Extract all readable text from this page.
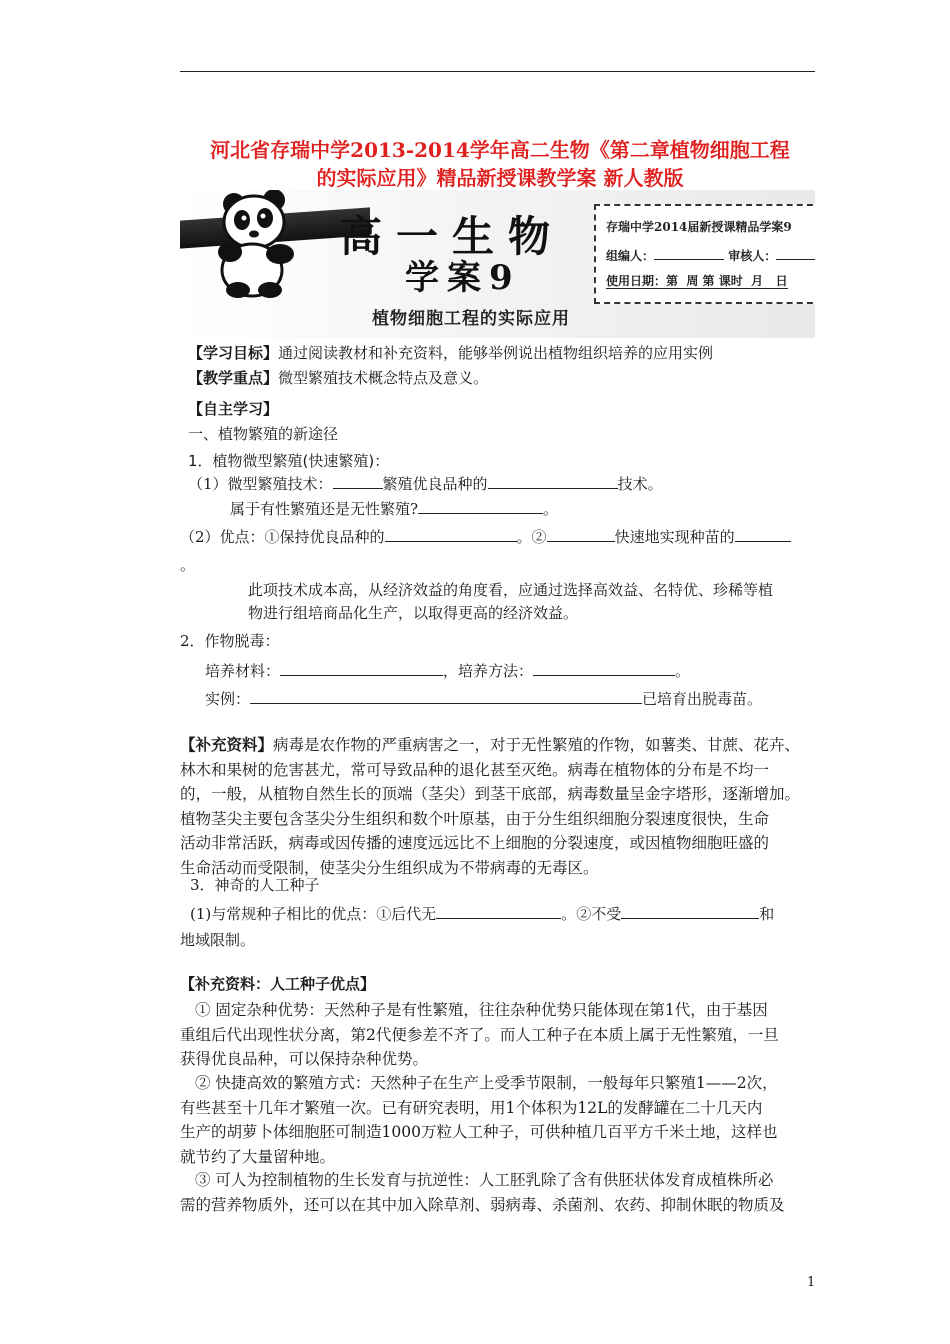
河北省存瑞中学2013-2014学年高二生物《第二章植物细胞工程
的实际应用》精品新授课教学案 新人教版
高一生物
学案9
植物细胞工程的实际应用
存瑞中学2014届新授课精品学案9
组编人：	审核人：
使用日期：第  周 第 课时  月   日
【学习目标】通过阅读教材和补充资料，能够举例说出植物组织培养的应用实例
【教学重点】微型繁殖技术概念特点及意义。
【自主学习】
一、植物繁殖的新途径
1．植物微型繁殖(快速繁殖)：
（1）微型繁殖技术：	繁殖优良品种的	技术。
属于有性繁殖还是无性繁殖?	。
（2）优点：①保持优良品种的	。②	快速地实现种苗的
。
此项技术成本高，从经济效益的角度看，应通过选择高效益、名特优、珍稀等植
物进行组培商品化生产，以取得更高的经济效益。
2．作物脱毒：
培养材料：	，培养方法：	。
实例：	已培育出脱毒苗。
【补充资料】病毒是农作物的严重病害之一，对于无性繁殖的作物，如薯类、甘蔗、花卉、
林木和果树的危害甚尤，常可导致品种的退化甚至灭绝。病毒在植物体的分布是不均一
的，一般，从植物自然生长的顶端（茎尖）到茎干底部，病毒数量呈金字塔形，逐渐增加。
植物茎尖主要包含茎尖分生组织和数个叶原基，由于分生组织细胞分裂速度很快，生命
活动非常活跃，病毒或因传播的速度远远比不上细胞的分裂速度，或因植物细胞旺盛的
生命活动而受限制，使茎尖分生组织成为不带病毒的无毒区。
3．神奇的人工种子
(1)与常规种子相比的优点：①后代无	。②不受	和
地域限制。
【补充资料：人工种子优点】
① 固定杂种优势：天然种子是有性繁殖，往往杂种优势只能体现在第1代，由于基因
重组后代出现性状分离，第2代便参差不齐了。而人工种子在本质上属于无性繁殖，一旦
获得优良品种，可以保持杂种优势。
② 快捷高效的繁殖方式：天然种子在生产上受季节限制，一般每年只繁殖1——2次，
有些甚至十几年才繁殖一次。已有研究表明，用1个体积为12L的发酵罐在二十几天内
生产的胡萝卜体细胞胚可制造1000万粒人工种子，可供种植几百平方千米土地，这样也
就节约了大量留种地。
③ 可人为控制植物的生长发育与抗逆性：人工胚乳除了含有供胚状体发育成植株所必
需的营养物质外，还可以在其中加入除草剂、弱病毒、杀菌剂、农药、抑制休眠的物质及
1
